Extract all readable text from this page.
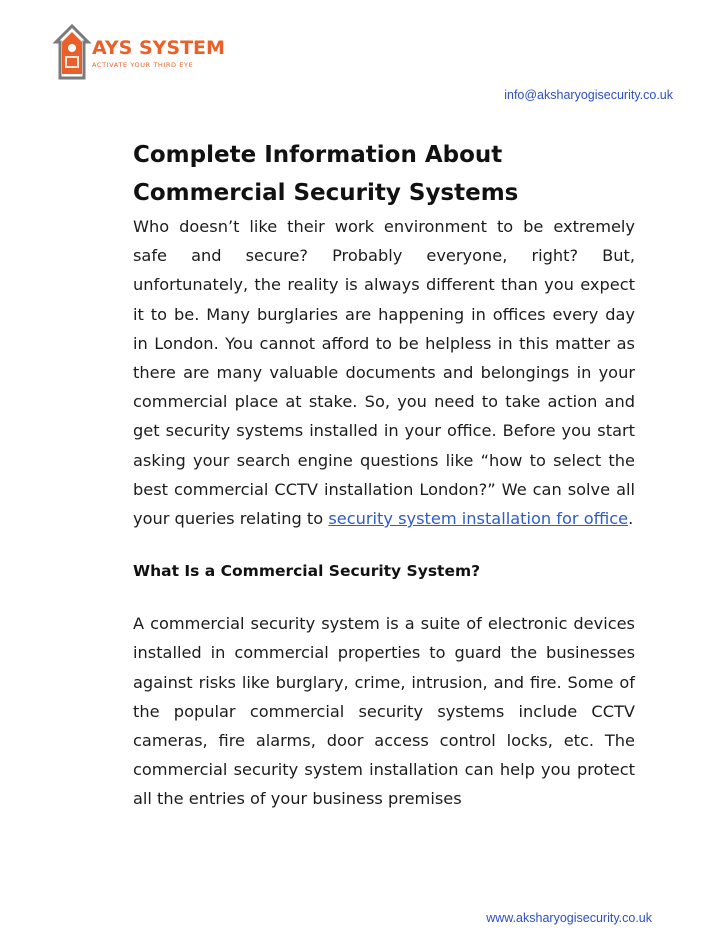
AYS SYSTEM
ACTIVATE YOUR THIRD EYE
info@aksharyogisecurity.co.uk
Complete Information About
Commercial Security Systems

Who doesn’t like their work environment to be extremely safe and secure? Probably everyone, right? But, unfortunately, the reality is always different than you expect it to be. Many burglaries are happening in offices every day in London. You cannot afford to be helpless in this matter as there are many valuable documents and belongings in your commercial place at stake. So, you need to take action and get security systems installed in your office. Before you start asking your search engine questions like “how to select the best commercial CCTV installation London?” We can solve all your queries relating to security system installation for office.

What Is a Commercial Security System?

A commercial security system is a suite of electronic devices installed in commercial properties to guard the businesses against risks like burglary, crime, intrusion, and fire. Some of the popular commercial security systems include CCTV cameras, fire alarms, door access control locks, etc. The commercial security system installation can help you protect all the entries of your business premises

www.aksharyogisecurity.co.uk
